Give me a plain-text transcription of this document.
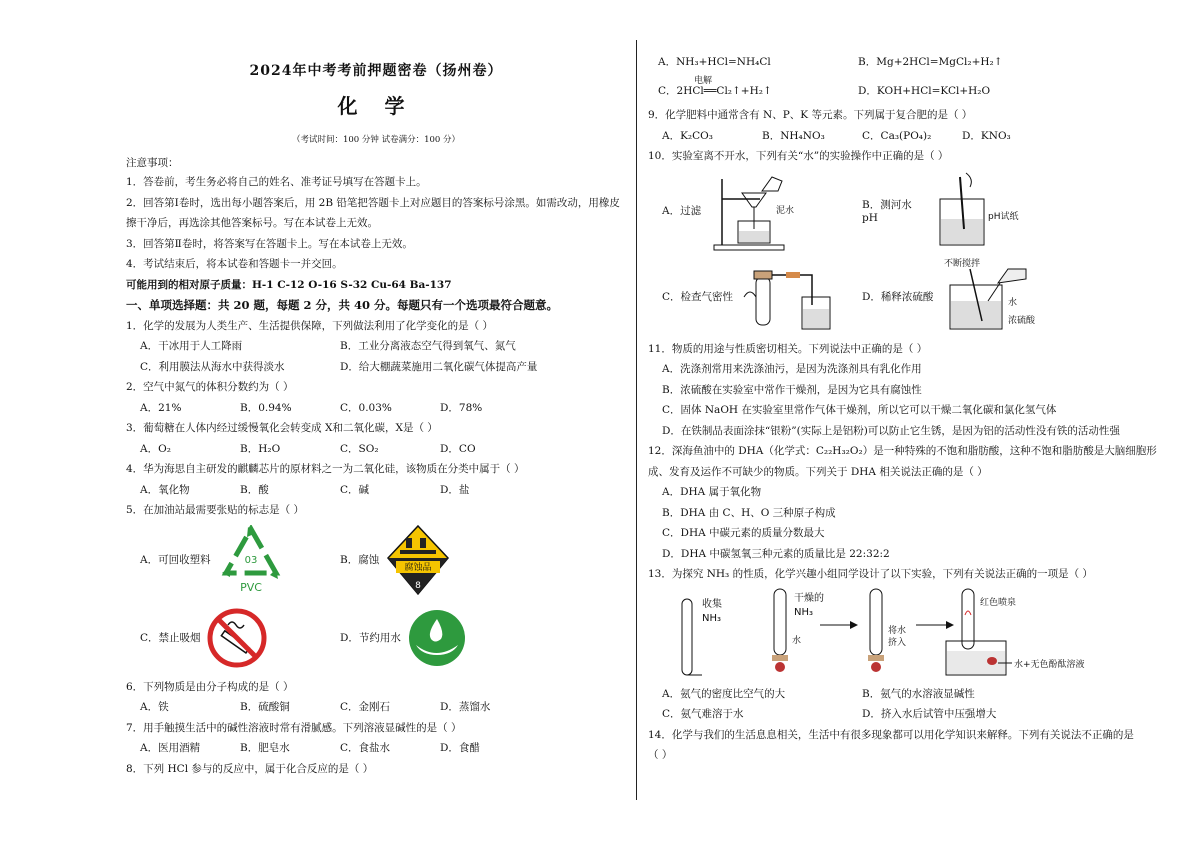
2024年中考考前押题密卷（扬州卷）
化 学
（考试时间：100 分钟 试卷满分：100 分）
注意事项：
1．答卷前，考生务必将自己的姓名、准考证号填写在答题卡上。
2．回答第Ⅰ卷时，选出每小题答案后，用 2B 铅笔把答题卡上对应题目的答案标号涂黑。如需改动，用橡皮
擦干净后，再选涂其他答案标号。写在本试卷上无效。
3．回答第Ⅱ卷时，将答案写在答题卡上。写在本试卷上无效。
4．考试结束后，将本试卷和答题卡一并交回。
可能用到的相对原子质量：H-1 C-12 O-16 S-32 Cu-64 Ba-137
一、单项选择题：共 20 题，每题 2 分，共 40 分。每题只有一个选项最符合题意。
1．化学的发展为人类生产、生活提供保障，下列做法利用了化学变化的是（ ）
A．干冰用于人工降雨	B．工业分离液态空气得到氧气、氮气
C．利用膜法从海水中获得淡水	D．给大棚蔬菜施用二氧化碳气体提高产量
2．空气中氮气的体积分数约为（ ）
A．21%	B．0.94%	C．0.03%	D．78%
3．葡萄糖在人体内经过缓慢氧化会转变成 X和二氧化碳，X是（ ）
A．O₂	B．H₂O	C．SO₂	D．CO
4．华为海思自主研发的麒麟芯片的原材料之一为二氧化硅，该物质在分类中属于（ ）
A．氧化物	B．酸	C．碱	D．盐
5．在加油站最需要张贴的标志是（ ）
A．可回收塑料	03
PVC
B．腐蚀
腐蚀品
8
C．禁止吸烟	D．节约用水
6．下列物质是由分子构成的是（ ）
A．铁	B．硫酸铜	C．金刚石	D．蒸馏水
7．用手触摸生活中的碱性溶液时常有滑腻感。下列溶液显碱性的是（ ）
A．医用酒精	B．肥皂水	C．食盐水	D．食醋
8．下列 HCl 参与的反应中，属于化合反应的是（ ）
A．NH₃+HCl=NH₄Cl	B．Mg+2HCl=MgCl₂+H₂↑
电解
C．2HCl══Cl₂↑+H₂↑	D．KOH+HCl=KCl+H₂O
9．化学肥料中通常含有 N、P、K 等元素。下列属于复合肥的是（ ）
A．K₂CO₃	B．NH₄NO₃	C．Ca₃(PO₄)₂	D．KNO₃
10．实验室离不开水，下列有关“水”的实验操作中正确的是（ ）
A．过滤	泥水	B．测河水 pH	pH试纸
C．检查气密性	D．稀释浓硫酸
不断搅拌
水
浓硫酸
11．物质的用途与性质密切相关。下列说法中正确的是（ ）
A．洗涤剂常用来洗涤油污，是因为洗涤剂具有乳化作用
B．浓硫酸在实验室中常作干燥剂，是因为它具有腐蚀性
C．固体 NaOH 在实验室里常作气体干燥剂，所以它可以干燥二氧化碳和氯化氢气体
D．在铁制品表面涂抹“银粉”(实际上是铝粉)可以防止它生锈，是因为铝的活动性没有铁的活动性强
12．深海鱼油中的 DHA（化学式：C₂₂H₃₂O₂）是一种特殊的不饱和脂肪酸，这种不饱和脂肪酸是大脑细胞形
成、发育及运作不可缺少的物质。下列关于 DHA 相关说法正确的是（ ）
A．DHA 属于氧化物
B．DHA 由 C、H、O 三种原子构成
C．DHA 中碳元素的质量分数最大
D．DHA 中碳氢氧三种元素的质量比是 22:32:2
13．为探究 NH₃ 的性质，化学兴趣小组同学设计了以下实验，下列有关说法正确的一项是（ ）
收集
NH₃
干燥的
NH₃
水
将水
挤入
红色喷泉
水+无色酚酞溶液
A．氨气的密度比空气的大	B．氨气的水溶液显碱性
C．氨气难溶于水	D．挤入水后试管中压强增大
14．化学与我们的生活息息相关，生活中有很多现象都可以用化学知识来解释。下列有关说法不正确的是
（ ）
